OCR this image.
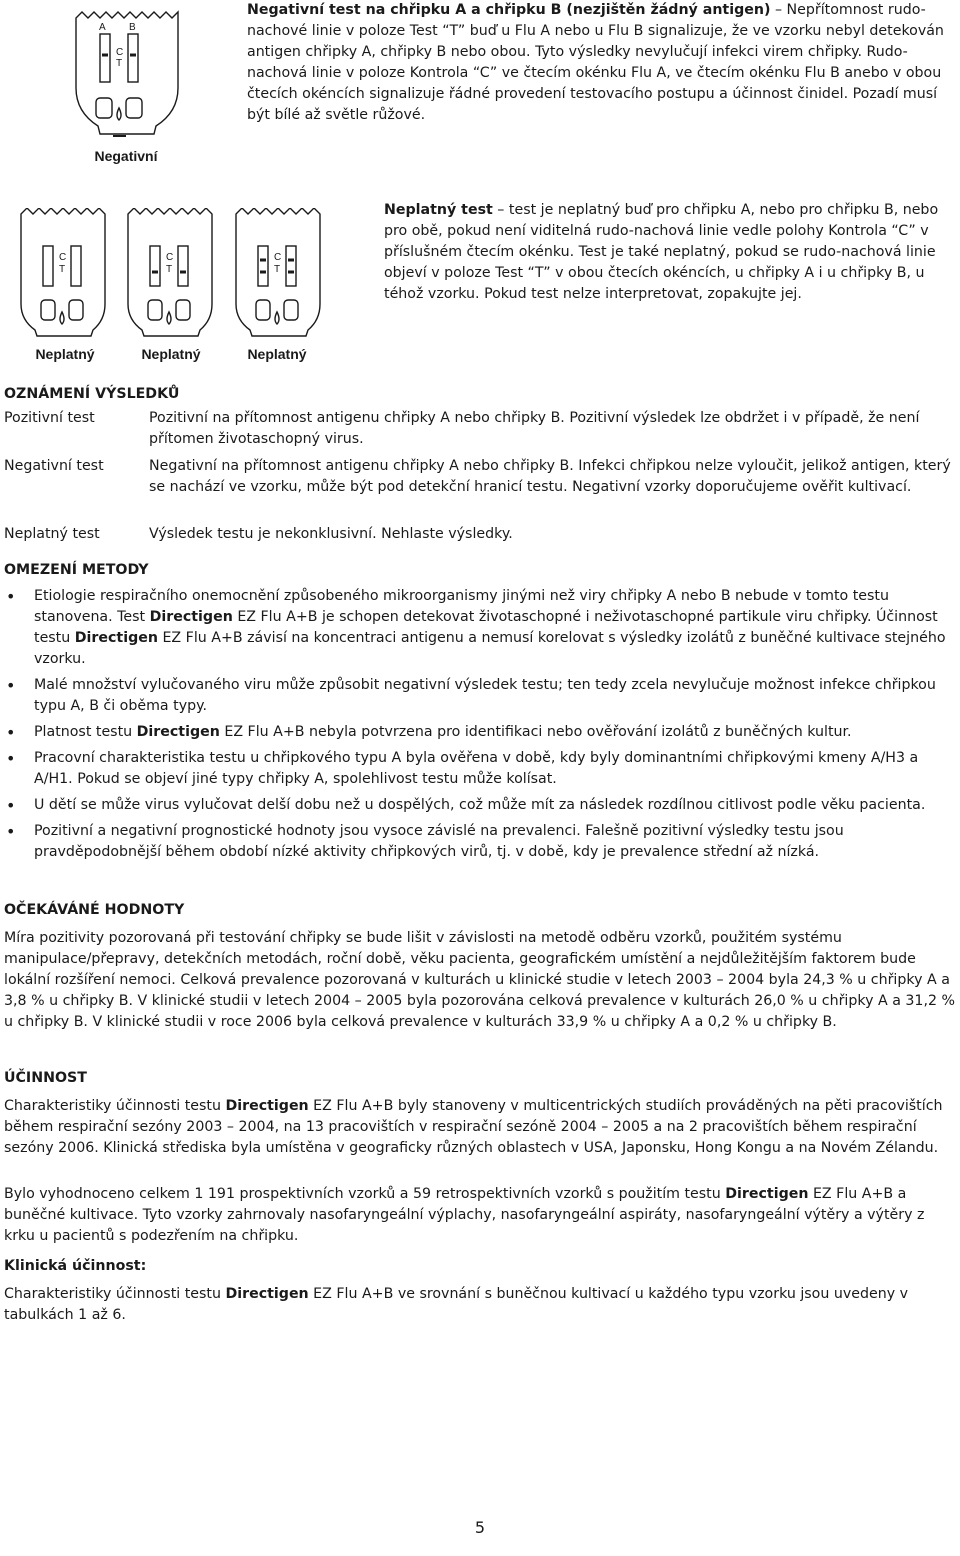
A B
C
T
Negativní

Negativní test na chřipku A a chřipku B (nezjištěn žádný antigen) – Nepřítomnost rudo-nachové linie v poloze Test “T” buď u Flu A nebo u Flu B signalizuje, že ve vzorku nebyl detekován antigen chřipky A, chřipky B nebo obou. Tyto výsledky nevylučují infekci virem chřipky. Rudo-nachová linie v poloze Kontrola “C” ve čtecím okénku Flu A, ve čtecím okénku Flu B anebo v obou čtecích okéncích signalizuje řádné provedení testovacího postupu a účinnost činidel. Pozadí musí být bílé až světle růžové.

C
T
C
T
C
T
Neplatný	Neplatný	Neplatný

Neplatný test – test je neplatný buď pro chřipku A, nebo pro chřipku B, nebo pro obě, pokud není viditelná rudo-nachová linie vedle polohy Kontrola “C” v příslušném čtecím okénku. Test je také neplatný, pokud se rudo-nachová linie objeví v poloze Test “T” v obou čtecích okéncích, u chřipky A i u chřipky B, u téhož vzorku. Pokud test nelze interpretovat, zopakujte jej.

OZNÁMENÍ VÝSLEDKŮ

Pozitivní test	Pozitivní na přítomnost antigenu chřipky A nebo chřipky B. Pozitivní výsledek lze obdržet i v případě, že není přítomen životaschopný virus.

Negativní test	Negativní na přítomnost antigenu chřipky A nebo chřipky B. Infekci chřipkou nelze vyloučit, jelikož antigen, který se nachází ve vzorku, může být pod detekční hranicí testu. Negativní vzorky doporučujeme ověřit kultivací.

Neplatný test	Výsledek testu je nekonklusivní. Nehlaste výsledky.

OMEZENÍ METODY

• Etiologie respiračního onemocnění způsobeného mikroorganismy jinými než viry chřipky A nebo B nebude v tomto testu stanovena. Test Directigen EZ Flu A+B je schopen detekovat životaschopné i neživotaschopné partikule viru chřipky. Účinnost testu Directigen EZ Flu A+B závisí na koncentraci antigenu a nemusí korelovat s výsledky izolátů z buněčné kultivace stejného vzorku.
• Malé množství vylučovaného viru může způsobit negativní výsledek testu; ten tedy zcela nevylučuje možnost infekce chřipkou typu A, B či oběma typy.
• Platnost testu Directigen EZ Flu A+B nebyla potvrzena pro identifikaci nebo ověřování izolátů z buněčných kultur.
• Pracovní charakteristika testu u chřipkového typu A byla ověřena v době, kdy byly dominantními chřipkovými kmeny A/H3 a A/H1. Pokud se objeví jiné typy chřipky A, spolehlivost testu může kolísat.
• U dětí se může virus vylučovat delší dobu než u dospělých, což může mít za následek rozdílnou citlivost podle věku pacienta.
• Pozitivní a negativní prognostické hodnoty jsou vysoce závislé na prevalenci. Falešně pozitivní výsledky testu jsou pravděpodobnější během období nízké aktivity chřipkových virů, tj. v době, kdy je prevalence střední až nízká.

OČEKÁVÁNÉ HODNOTY

Míra pozitivity pozorovaná při testování chřipky se bude lišit v závislosti na metodě odběru vzorků, použitém systému manipulace/přepravy, detekčních metodách, roční době, věku pacienta, geografickém umístění a nejdůležitějším faktorem bude lokální rozšíření nemoci. Celková prevalence pozorovaná v kulturách u klinické studie v letech 2003 – 2004 byla 24,3 % u chřipky A a 3,8 % u chřipky B. V klinické studii v letech 2004 – 2005 byla pozorována celková prevalence v kulturách 26,0 % u chřipky A a 31,2 % u chřipky B. V klinické studii v roce 2006 byla celková prevalence v kulturách 33,9 % u chřipky A a 0,2 % u chřipky B.

ÚČINNOST

Charakteristiky účinnosti testu Directigen EZ Flu A+B byly stanoveny v multicentrických studiích prováděných na pěti pracovištích během respirační sezóny 2003 – 2004, na 13 pracovištích v respirační sezóně 2004 – 2005 a na 2 pracovištích během respirační sezóny 2006. Klinická střediska byla umístěna v geograficky různých oblastech v USA, Japonsku, Hong Kongu a na Novém Zélandu.

Bylo vyhodnoceno celkem 1 191 prospektivních vzorků a 59 retrospektivních vzorků s použitím testu Directigen EZ Flu A+B a buněčné kultivace. Tyto vzorky zahrnovaly nasofaryngeální výplachy, nasofaryngeální aspiráty, nasofaryngeální výtěry a výtěry z krku u pacientů s podezřením na chřipku.

Klinická účinnost:

Charakteristiky účinnosti testu Directigen EZ Flu A+B ve srovnání s buněčnou kultivací u každého typu vzorku jsou uvedeny v tabulkách 1 až 6.

5
